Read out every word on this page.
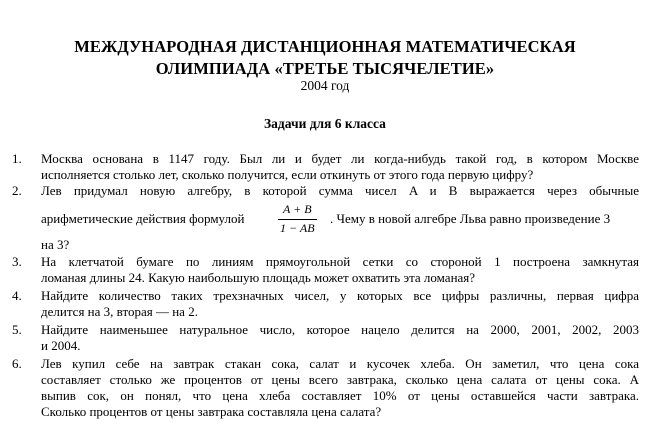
МЕЖДУНАРОДНАЯ ДИСТАНЦИОННАЯ МАТЕМАТИЧЕСКАЯ
ОЛИМПИАДА «ТРЕТЬЕ ТЫСЯЧЕЛЕТИЕ»
2004 год
Задачи для 6 класса
1. Москва основана в 1147 году. Был ли и будет ли когда-нибудь такой год, в котором Москве
исполняется столько лет, сколько получится, если откинуть от этого года первую цифру?
2. Лев придумал новую алгебру, в которой сумма чисел A и B выражается через обычные
арифметические действия формулой
A + B
1 − AB
. Чему в новой алгебре Льва равно произведение 3
на 3?
3. На клетчатой бумаге по линиям прямоугольной сетки со стороной 1 построена замкнутая
ломаная длины 24. Какую наибольшую площадь может охватить эта ломаная?
4. Найдите количество таких трехзначных чисел, у которых все цифры различны, первая цифра
делится на 3, вторая — на 2.
5. Найдите наименьшее натуральное число, которое нацело делится на 2000, 2001, 2002, 2003
и 2004.
6. Лев купил себе на завтрак стакан сока, салат и кусочек хлеба. Он заметил, что цена сока
составляет столько же процентов от цены всего завтрака, сколько цена салата от цены сока. А
выпив сок, он понял, что цена хлеба составляет 10% от цены оставшейся части завтрака.
Сколько процентов от цены завтрака составляла цена салата?
